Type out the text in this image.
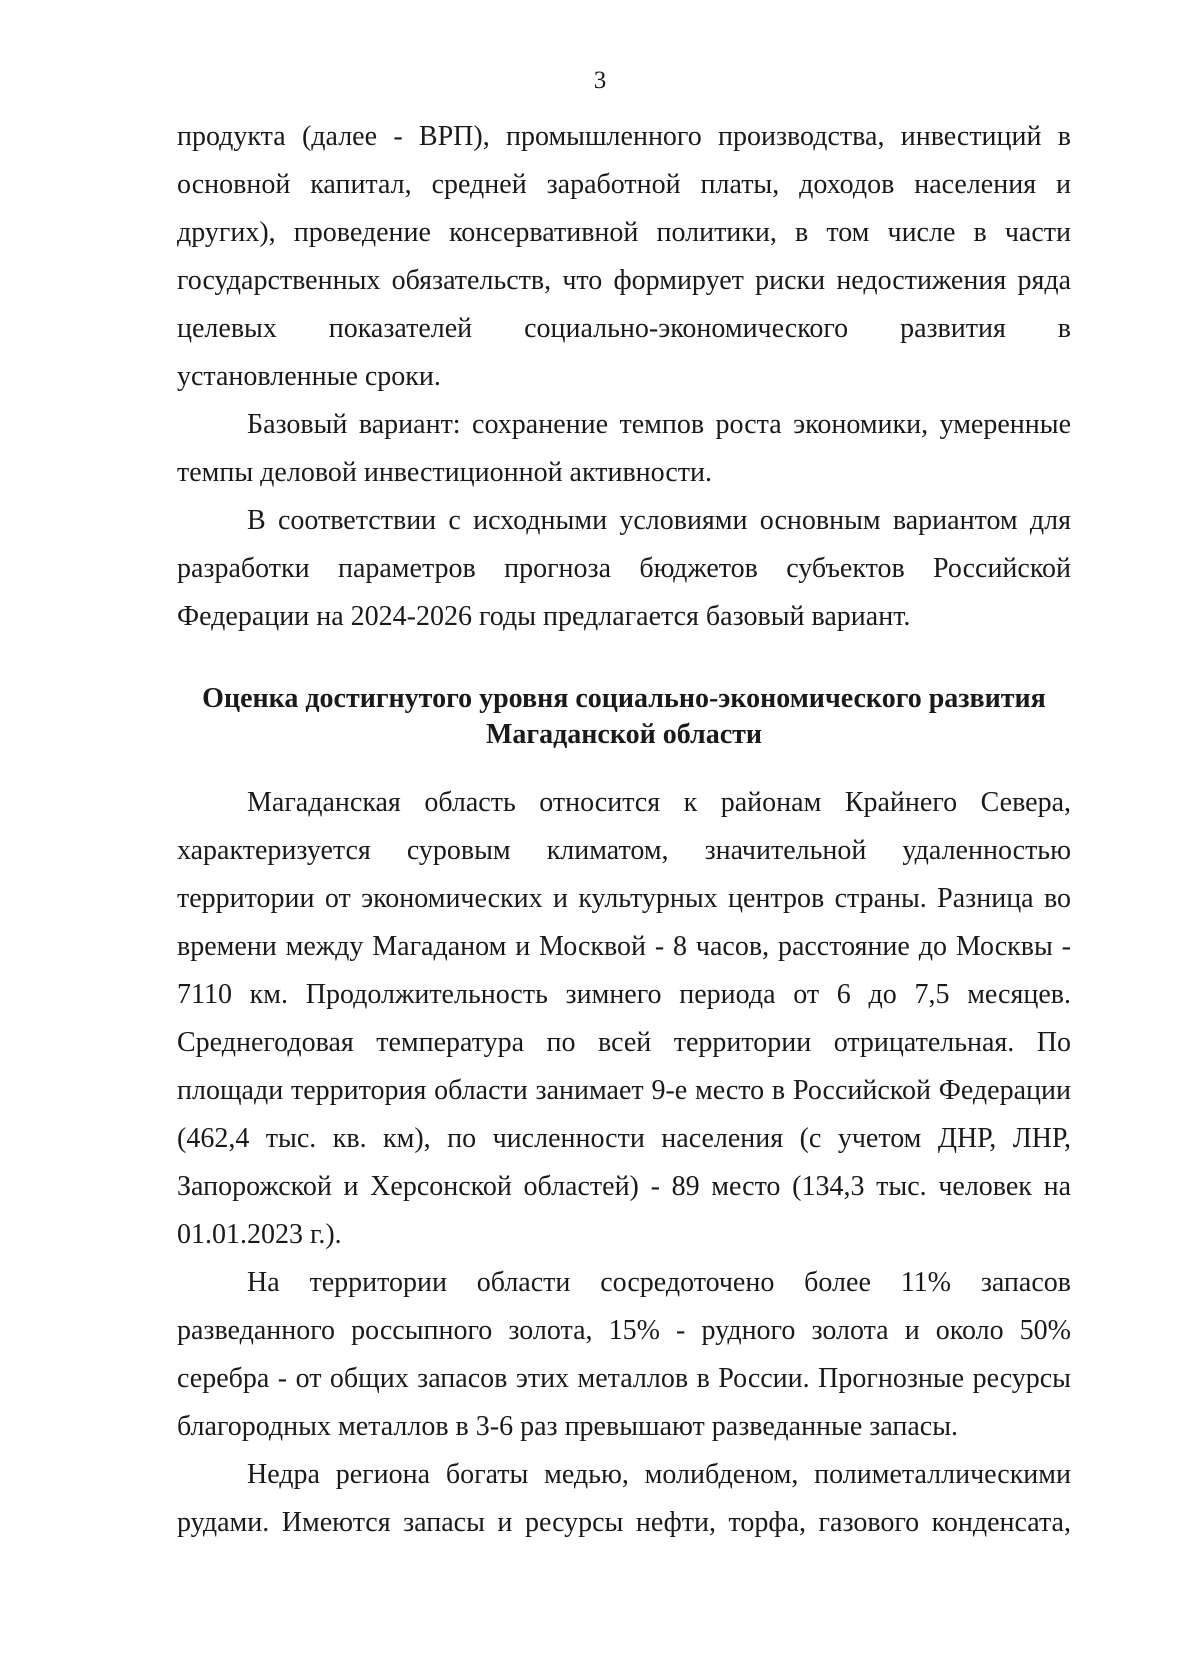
3

продукта (далее - ВРП), промышленного производства, инвестиций в основной капитал, средней заработной платы, доходов населения и других), проведение консервативной политики, в том числе в части государственных обязательств, что формирует риски недостижения ряда целевых показателей социально-экономического развития в установленные сроки.

Базовый вариант: сохранение темпов роста экономики, умеренные темпы деловой инвестиционной активности.

В соответствии с исходными условиями основным вариантом для разработки параметров прогноза бюджетов субъектов Российской Федерации на 2024-2026 годы предлагается базовый вариант.

Оценка достигнутого уровня социально-экономического развития
Магаданской области

Магаданская область относится к районам Крайнего Севера, характеризуется суровым климатом, значительной удаленностью территории от экономических и культурных центров страны. Разница во времени между Магаданом и Москвой - 8 часов, расстояние до Москвы - 7110 км. Продолжительность зимнего периода от 6 до 7,5 месяцев. Среднегодовая температура по всей территории отрицательная. По площади территория области занимает 9-е место в Российской Федерации (462,4 тыс. кв. км), по численности населения (с учетом ДНР, ЛНР, Запорожской и Херсонской областей) - 89 место (134,3 тыс. человек на 01.01.2023 г.).

На территории области сосредоточено более 11% запасов разведанного россыпного золота, 15% - рудного золота и около 50% серебра - от общих запасов этих металлов в России. Прогнозные ресурсы благородных металлов в 3-6 раз превышают разведанные запасы.

Недра региона богаты медью, молибденом, полиметаллическими рудами. Имеются запасы и ресурсы нефти, торфа, газового конденсата,
